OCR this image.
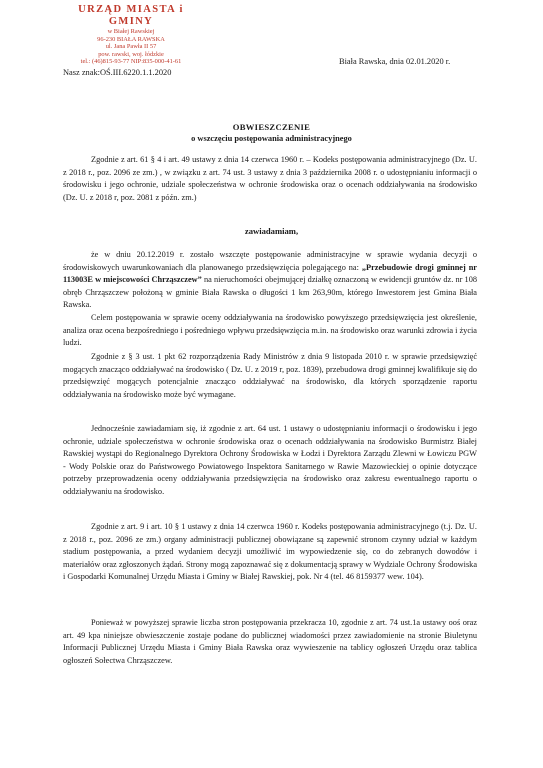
URZĄD MIASTA i GMINY
w Białej Rawskiej
96-230 BIAŁA RAWSKA
ul. Jana Pawła II 57
pow. rawski, woj. łódzkie
tel.: (46)815-93-77 NIP:835-000-41-61
Nasz znak:OŚ.III.6220.1.1.2020
Biała Rawska, dnia 02.01.2020 r.
OBWIESZCZENIE
o wszczęciu postępowania administracyjnego
Zgodnie z art. 61 § 4 i art. 49 ustawy z dnia 14 czerwca 1960 r. – Kodeks postępowania administracyjnego (Dz. U. z 2018 r., poz. 2096 ze zm.) , w związku z art. 74 ust. 3 ustawy z dnia 3 października 2008 r. o udostępnianiu informacji o środowisku i jego ochronie, udziale społeczeństwa w ochronie środowiska oraz o ocenach oddziaływania na środowisko (Dz. U. z 2018 r, poz. 2081 z późn. zm.)
zawiadamiam,
że w dniu 20.12.2019 r. zostało wszczęte postępowanie administracyjne w sprawie wydania decyzji o środowiskowych uwarunkowaniach dla planowanego przedsięwzięcia polegającego na: „Przebudowie drogi gminnej nr 113003E w miejscowości Chrząszczew” na nieruchomości obejmującej działkę oznaczoną w ewidencji gruntów dz. nr 108 obręb Chrząszczew położoną w gminie Biała Rawska o długości 1 km 263,90m, którego Inwestorem jest Gmina Biała Rawska.
Celem postępowania w sprawie oceny oddziaływania na środowisko powyższego przedsięwzięcia jest określenie, analiza oraz ocena bezpośredniego i pośredniego wpływu przedsięwzięcia m.in. na środowisko oraz warunki zdrowia i życia ludzi.
Zgodnie z § 3 ust. 1 pkt 62 rozporządzenia Rady Ministrów z dnia 9 listopada 2010 r. w sprawie przedsięwzięć mogących znacząco oddziaływać na środowisko ( Dz. U. z 2019 r, poz. 1839), przebudowa drogi gminnej kwalifikuje się do przedsięwzięć mogących potencjalnie znacząco oddziaływać na środowisko, dla których sporządzenie raportu oddziaływania na środowisko może być wymagane.
Jednocześnie zawiadamiam się, iż zgodnie z art. 64 ust. 1 ustawy o udostępnianiu informacji o środowisku i jego ochronie, udziale społeczeństwa w ochronie środowiska oraz o ocenach oddziaływania na środowisko Burmistrz Białej Rawskiej wystąpi do Regionalnego Dyrektora Ochrony Środowiska w Łodzi i Dyrektora Zarządu Zlewni w Łowiczu PGW - Wody Polskie oraz do Państwowego Powiatowego Inspektora Sanitarnego w Rawie Mazowieckiej o opinie dotyczące potrzeby przeprowadzenia oceny oddziaływania przedsięwzięcia na środowisko oraz zakresu ewentualnego raportu o oddziaływaniu na środowisko.
Zgodnie z art. 9 i art. 10 § 1 ustawy z dnia 14 czerwca 1960 r. Kodeks postępowania administracyjnego (t.j. Dz. U. z 2018 r., poz. 2096 ze zm.) organy administracji publicznej obowiązane są zapewnić stronom czynny udział w każdym stadium postępowania, a przed wydaniem decyzji umożliwić im wypowiedzenie się, co do zebranych dowodów i materiałów oraz zgłoszonych żądań. Strony mogą zapoznawać się z dokumentacją sprawy w Wydziale Ochrony Środowiska i Gospodarki Komunalnej Urzędu Miasta i Gminy w Białej Rawskiej, pok. Nr 4 (tel. 46 8159377 wew. 104).
Ponieważ w powyższej sprawie liczba stron postępowania przekracza 10, zgodnie z art. 74 ust.1a ustawy ooś oraz art. 49 kpa niniejsze obwieszczenie zostaje podane do publicznej wiadomości przez zawiadomienie na stronie Biuletynu Informacji Publicznej Urzędu Miasta i Gminy Biała Rawska oraz wywieszenie na tablicy ogłoszeń Urzędu oraz tablica ogłoszeń Sołectwa Chrząszczew.
